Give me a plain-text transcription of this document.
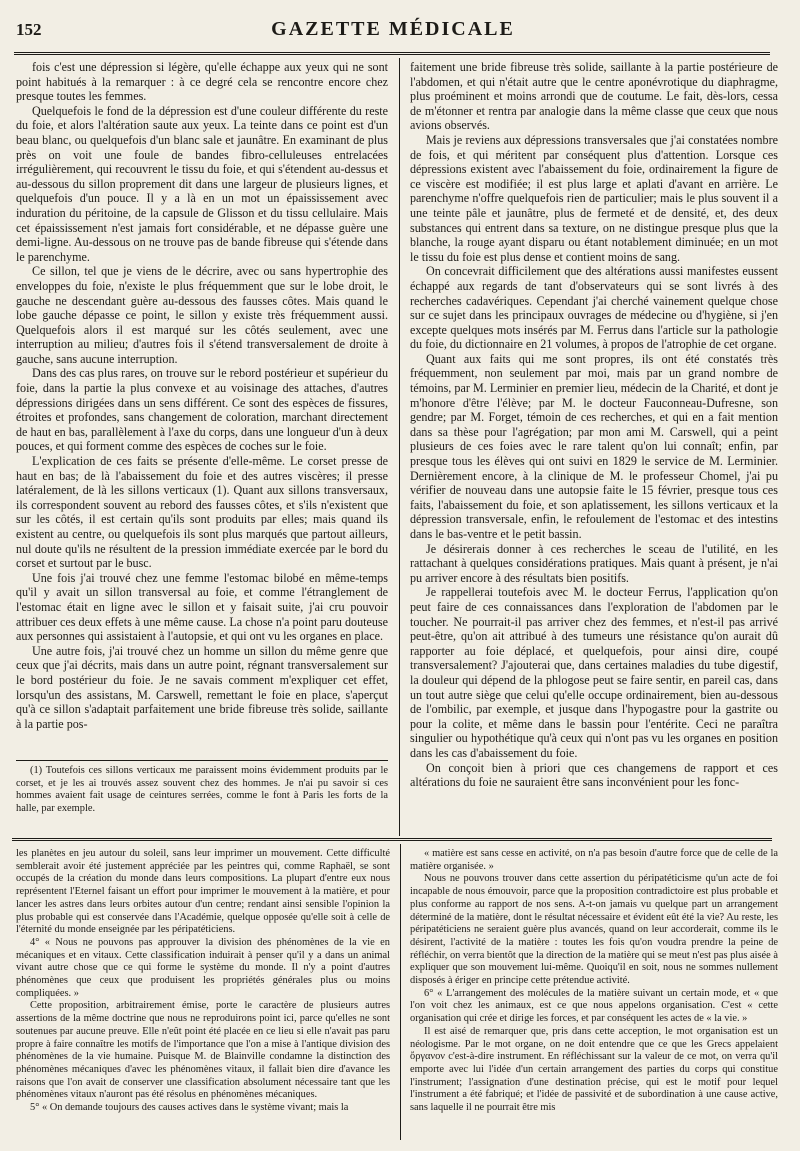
152	GAZETTE MÉDICALE

fois c'est une dépression si légère, qu'elle échappe aux yeux qui ne sont point habitués à la remarquer : à ce degré cela se rencontre encore chez presque toutes les femmes.

Quelquefois le fond de la dépression est d'une couleur différente du reste du foie, et alors l'altération saute aux yeux. La teinte dans ce point est d'un beau blanc, ou quelquefois d'un blanc sale et jaunâtre. En examinant de plus près on voit une foule de bandes fibro-celluleuses entrelacées irrégulièrement, qui recouvrent le tissu du foie, et qui s'étendent au-dessus et au-dessous du sillon proprement dit dans une largeur de plusieurs lignes, et quelquefois d'un pouce. Il y a là en un mot un épaississement avec induration du péritoine, de la capsule de Glisson et du tissu cellulaire. Mais cet épaississement n'est jamais fort considérable, et ne dépasse guère une demi-ligne. Au-dessous on ne trouve pas de bande fibreuse qui s'étende dans le parenchyme.

Ce sillon, tel que je viens de le décrire, avec ou sans hypertrophie des enveloppes du foie, n'existe le plus fréquemment que sur le lobe droit, le gauche ne descendant guère au-dessous des fausses côtes. Mais quand le lobe gauche dépasse ce point, le sillon y existe très fréquemment aussi. Quelquefois alors il est marqué sur les côtés seulement, avec une interruption au milieu; d'autres fois il s'étend transversalement de droite à gauche, sans aucune interruption.

Dans des cas plus rares, on trouve sur le rebord postérieur et supérieur du foie, dans la partie la plus convexe et au voisinage des attaches, d'autres dépressions dirigées dans un sens différent. Ce sont des espèces de fissures, étroites et profondes, sans changement de coloration, marchant directement de haut en bas, parallèlement à l'axe du corps, dans une longueur d'un à deux pouces, et qui forment comme des espèces de coches sur le foie.

L'explication de ces faits se présente d'elle-même. Le corset presse de haut en bas; de là l'abaissement du foie et des autres viscères; il presse latéralement, de là les sillons verticaux (1). Quant aux sillons transversaux, ils correspondent souvent au rebord des fausses côtes, et s'ils n'existent que sur les côtés, il est certain qu'ils sont produits par elles; mais quand ils existent au centre, ou quelquefois ils sont plus marqués que partout ailleurs, nul doute qu'ils ne résultent de la pression immédiate exercée par le bord du corset et surtout par le busc.

Une fois j'ai trouvé chez une femme l'estomac bilobé en même-temps qu'il y avait un sillon transversal au foie, et comme l'étranglement de l'estomac était en ligne avec le sillon et y faisait suite, j'ai cru pouvoir attribuer ces deux effets à une même cause. La chose n'a point paru douteuse aux personnes qui assistaient à l'autopsie, et qui ont vu les organes en place.

Une autre fois, j'ai trouvé chez un homme un sillon du même genre que ceux que j'ai décrits, mais dans un autre point, régnant transversalement sur le bord postérieur du foie. Je ne savais comment m'expliquer cet effet, lorsqu'un des assistans, M. Carswell, remettant le foie en place, s'aperçut qu'à ce sillon s'adaptait parfaitement une bride fibreuse très solide, saillante à la partie pos-

faitement une bride fibreuse très solide, saillante à la partie postérieure de l'abdomen, et qui n'était autre que le centre aponévrotique du diaphragme, plus proéminent et moins arrondi que de coutume. Le fait, dès-lors, cessa de m'étonner et rentra par analogie dans la même classe que ceux que nous avions observés.

Mais je reviens aux dépressions transversales que j'ai constatées nombre de fois, et qui méritent par conséquent plus d'attention. Lorsque ces dépressions existent avec l'abaissement du foie, ordinairement la figure de ce viscère est modifiée; il est plus large et aplati d'avant en arrière. Le parenchyme n'offre quelquefois rien de particulier; mais le plus souvent il a une teinte pâle et jaunâtre, plus de fermeté et de densité, et, des deux substances qui entrent dans sa texture, on ne distingue presque plus que la blanche, la rouge ayant disparu ou étant notablement diminuée; en un mot le tissu du foie est plus dense et contient moins de sang.

On concevrait difficilement que des altérations aussi manifestes eussent échappé aux regards de tant d'observateurs qui se sont livrés à des recherches cadavériques. Cependant j'ai cherché vainement quelque chose sur ce sujet dans les principaux ouvrages de médecine ou d'hygiène, si j'en excepte quelques mots insérés par M. Ferrus dans l'article sur la pathologie du foie, du dictionnaire en 21 volumes, à propos de l'atrophie de cet organe.

Quant aux faits qui me sont propres, ils ont été constatés très fréquemment, non seulement par moi, mais par un grand nombre de témoins, par M. Lerminier en premier lieu, médecin de la Charité, et dont je m'honore d'être l'élève; par M. le docteur Fauconneau-Dufresne, son gendre; par M. Forget, témoin de ces recherches, et qui en a fait mention dans sa thèse pour l'agrégation; par mon ami M. Carswell, qui a peint plusieurs de ces foies avec le rare talent qu'on lui connaît; enfin, par presque tous les élèves qui ont suivi en 1829 le service de M. Lerminier. Dernièrement encore, à la clinique de M. le professeur Chomel, j'ai pu vérifier de nouveau dans une autopsie faite le 15 février, presque tous ces faits, l'abaissement du foie, et son aplatissement, les sillons verticaux et la dépression transversale, enfin, le refoulement de l'estomac et des intestins dans le bas-ventre et le petit bassin.

Je désirerais donner à ces recherches le sceau de l'utilité, en les rattachant à quelques considérations pratiques. Mais quant à présent, je n'ai pu arriver encore à des résultats bien positifs.

Je rappellerai toutefois avec M. le docteur Ferrus, l'application qu'on peut faire de ces connaissances dans l'exploration de l'abdomen par le toucher. Ne pourrait-il pas arriver chez des femmes, et n'est-il pas arrivé peut-être, qu'on ait attribué à des tumeurs une résistance qu'on aurait dû rapporter au foie déplacé, et quelquefois, pour ainsi dire, coupé transversalement? J'ajouterai que, dans certaines maladies du tube digestif, la douleur qui dépend de la phlogose peut se faire sentir, en pareil cas, dans un tout autre siège que celui qu'elle occupe ordinairement, bien au-dessous de l'ombilic, par exemple, et jusque dans l'hypogastre pour la gastrite ou pour la colite, et même dans le bassin pour l'entérite. Ceci ne paraîtra singulier ou hypothétique qu'à ceux qui n'ont pas vu les organes en position dans les cas d'abaissement du foie.

On conçoit bien à priori que ces changemens de rapport et ces altérations du foie ne sauraient être sans inconvénient pour les fonc-

(1) Toutefois ces sillons verticaux me paraissent moins évidemment produits par le corset, et je les ai trouvés assez souvent chez des hommes. Je n'ai pu savoir si ces hommes avaient fait usage de ceintures serrées, comme le font à Paris les forts de la halle, par exemple.

les planètes en jeu autour du soleil, sans leur imprimer un mouvement. Cette difficulté semblerait avoir été justement appréciée par les peintres qui, comme Raphaël, se sont occupés de la création du monde dans leurs compositions. La plupart d'entre eux nous représentent l'Eternel faisant un effort pour imprimer le mouvement à la matière, et pour lancer les astres dans leurs orbites autour d'un centre; rendant ainsi sensible l'opinion la plus probable qui est conservée dans l'Académie, quelque opposée qu'elle soit à celle de l'éternité du monde enseignée par les péripatéticiens.

4° « Nous ne pouvons pas approuver la division des phénomènes de la vie en mécaniques et en vitaux. Cette classification induirait à penser qu'il y a dans un animal vivant autre chose que ce qui forme le système du monde. Il n'y a point d'autres phénomènes que ceux que produisent les propriétés générales plus ou moins compliquées. »

Cette proposition, arbitrairement émise, porte le caractère de plusieurs autres assertions de la même doctrine que nous ne reproduirons point ici, parce qu'elles ne sont soutenues par aucune preuve. Elle n'eût point été placée en ce lieu si elle n'avait pas paru propre à faire connaître les motifs de l'importance que l'on a mise à l'antique division des phénomènes de la vie humaine. Puisque M. de Blainville condamne la distinction des phénomènes mécaniques d'avec les phénomènes vitaux, il fallait bien dire d'avance les raisons que l'on avait de conserver une classification absolument nécessaire tant que les phénomènes vitaux n'auront pas été résolus en phénomènes mécaniques.

5° « On demande toujours des causes actives dans le système vivant; mais la

« matière est sans cesse en activité, on n'a pas besoin d'autre force que de celle de la matière organisée. »

Nous ne pouvons trouver dans cette assertion du péripatéticisme qu'un acte de foi incapable de nous émouvoir, parce que la proposition contradictoire est plus probable et plus conforme au rapport de nos sens. A-t-on jamais vu quelque part un arrangement déterminé de la matière, dont le résultat nécessaire et évident eût été la vie? Au reste, les péripatéticiens ne seraient guère plus avancés, quand on leur accorderait, comme ils le désirent, l'activité de la matière : toutes les fois qu'on voudra prendre la peine de réfléchir, on verra bientôt que la direction de la matière qui se meut n'est pas plus aisée à expliquer que son mouvement lui-même. Quoiqu'il en soit, nous ne sommes nullement disposés à ériger en principe cette prétendue activité.

6° « L'arrangement des molécules de la matière suivant un certain mode, et « que l'on voit chez les animaux, est ce que nous appelons organisation. C'est « cette organisation qui crée et dirige les forces, et par conséquent les actes de « la vie. »

Il est aisé de remarquer que, pris dans cette acception, le mot organisation est un néologisme. Par le mot organe, on ne doit entendre que ce que les Grecs appelaient ὄργανον c'est-à-dire instrument. En réfléchissant sur la valeur de ce mot, on verra qu'il emporte avec lui l'idée d'un certain arrangement des parties du corps qui constitue l'instrument; l'assignation d'une destination précise, qui est le motif pour lequel l'instrument a été fabriqué; et l'idée de passivité et de subordination à une cause active, sans laquelle il ne pourrait être mis
